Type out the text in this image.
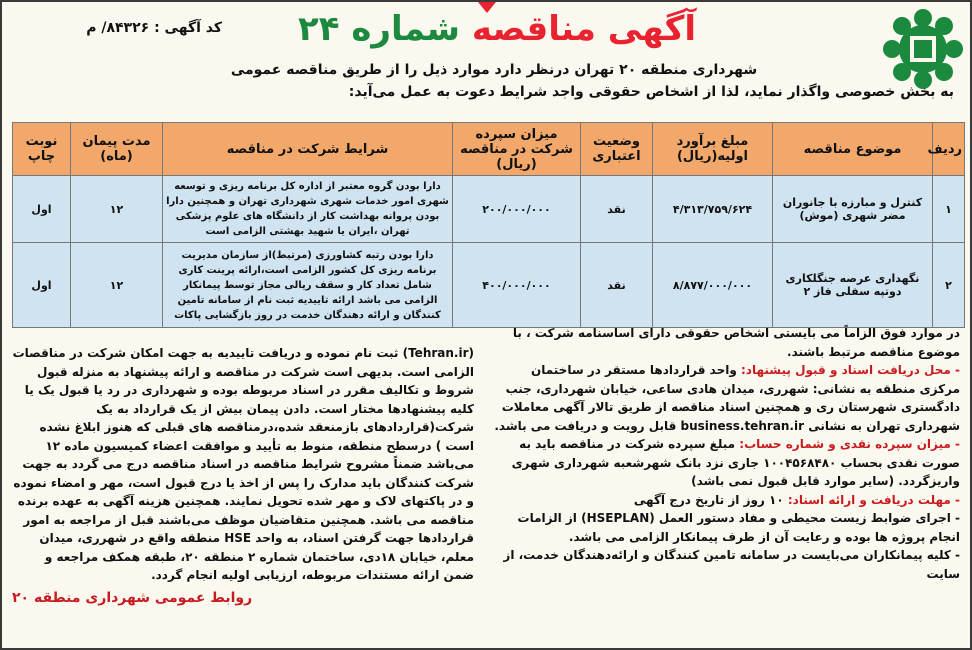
کد آگهی : ۸۴۳۲۶/ م	آگهی مناقصه شماره ۲۴
شهرداری منطقه ۲۰ تهران درنظر دارد موارد ذیل را از طریق مناقصه عمومی
به بخش خصوصی واگذار نماید، لذا از اشخاص حقوقی واجد شرایط دعوت به عمل می‌آید:
ردیف	موضوع مناقصه	مبلغ برآورد اولیه(ریال)	وضعیت اعتباری	میزان سپرده شرکت در مناقصه (ریال)	شرایط شرکت در مناقصه	مدت پیمان (ماه)	نوبت چاپ
۱	کنترل و مبارزه با جانوران مضر شهری (موش)	۴/۳۱۳/۷۵۹/۶۲۴	نقد	۲۰۰/۰۰۰/۰۰۰	دارا بودن گروه معتبر از اداره کل برنامه ریزی و توسعه شهری امور خدمات شهری شهرداری تهران و همچنین دارا بودن پروانه بهداشت کار از دانشگاه های علوم پزشکی تهران ،ایران یا شهید بهشتی الزامی است	۱۲	اول
۲	نگهداری عرصه جنگلکاری دوتپه سفلی فاز ۲	۸/۸۷۷/۰۰۰/۰۰۰	نقد	۴۰۰/۰۰۰/۰۰۰	دارا بودن رتبه کشاورزی (مرتبط)از سازمان مدیریت برنامه ریزی کل کشور الزامی است،ارائه پرینت کاری شامل تعداد کار و سقف ریالی مجاز توسط پیمانکار الزامی می باشد ارائه تاییدیه ثبت نام از سامانه تامین کنندگان و ارائه دهندگان خدمت در روز بازگشایی پاکات	۱۲	اول
در موارد فوق الزاماً می بایستی اشخاص حقوقی دارای اساسنامه شرکت ، با موضوع مناقصه مرتبط باشند.
- محل دریافت اسناد و قبول پیشنهاد: واحد قراردادها مستقر در ساختمان مرکزی منطقه به نشانی: شهرری، میدان هادی ساعی، خیابان شهرداری، جنب دادگستری شهرستان ری و همچنین اسناد مناقصه از طریق تالار آگهی معاملات شهرداری تهران به نشانی business.tehran.ir قابل رویت و دریافت می باشد.
- میزان سپرده نقدی و شماره حساب: مبلغ سپرده شرکت در مناقصه باید به صورت نقدی بحساب ۱۰۰۴۵۶۸۴۸۰ جاری نزد بانک شهرشعبه شهرداری شهری واریزگردد. (سایر موارد قابل قبول نمی باشد)
- مهلت دریافت و ارائه اسناد: ۱۰ روز از تاریخ درج آگهی
- اجرای ضوابط زیست محیطی و مفاد دستور العمل (HSEPLAN) از الزامات انجام پروژه ها بوده و رعایت آن از طرف پیمانکار الزامی می باشد.
- کلیه پیمانکاران می‌بایست در سامانه تامین کنندگان و ارائه‌دهندگان خدمت، از سایت
(Tehran.ir) ثبت نام نموده و دریافت تاییدیه به جهت امکان شرکت در مناقصات الزامی است. بدیهی است شرکت در مناقصه و ارائه پیشنهاد به منزله قبول شروط و تکالیف مقرر در اسناد مربوطه بوده و شهرداری در رد یا قبول یک یا کلیه پیشنهادها مختار است. دادن پیمان بیش از یک قرارداد به یک شرکت(قراردادهای بازمنعقد شده،درمناقصه های قبلی که هنوز ابلاغ نشده است ) درسطح منطقه، منوط به تأیید و موافقت اعضاء کمیسیون ماده ۱۲ می‌باشد ضمناً مشروح شرایط مناقصه در اسناد مناقصه درج می گردد به جهت شرکت کنندگان باید مدارک را پس از اخذ یا درج قبول است، مهر و امضاء نموده و در پاکتهای لاک و مهر شده تحویل نمایند. همچنین هزینه آگهی به عهده برنده مناقصه می باشد. همچنین متقاضیان موظف می‌باشند قبل از مراجعه به امور قراردادها جهت گرفتن اسناد، به واحد HSE منطقه واقع در شهرری، میدان معلم، خیابان ۱۸دی، ساختمان شماره ۲ منطقه ۲۰، طبقه همکف مراجعه و ضمن ارائه مستندات مربوطه، ارزیابی اولیه انجام گردد.
روابط عمومی شهرداری منطقه ۲۰
